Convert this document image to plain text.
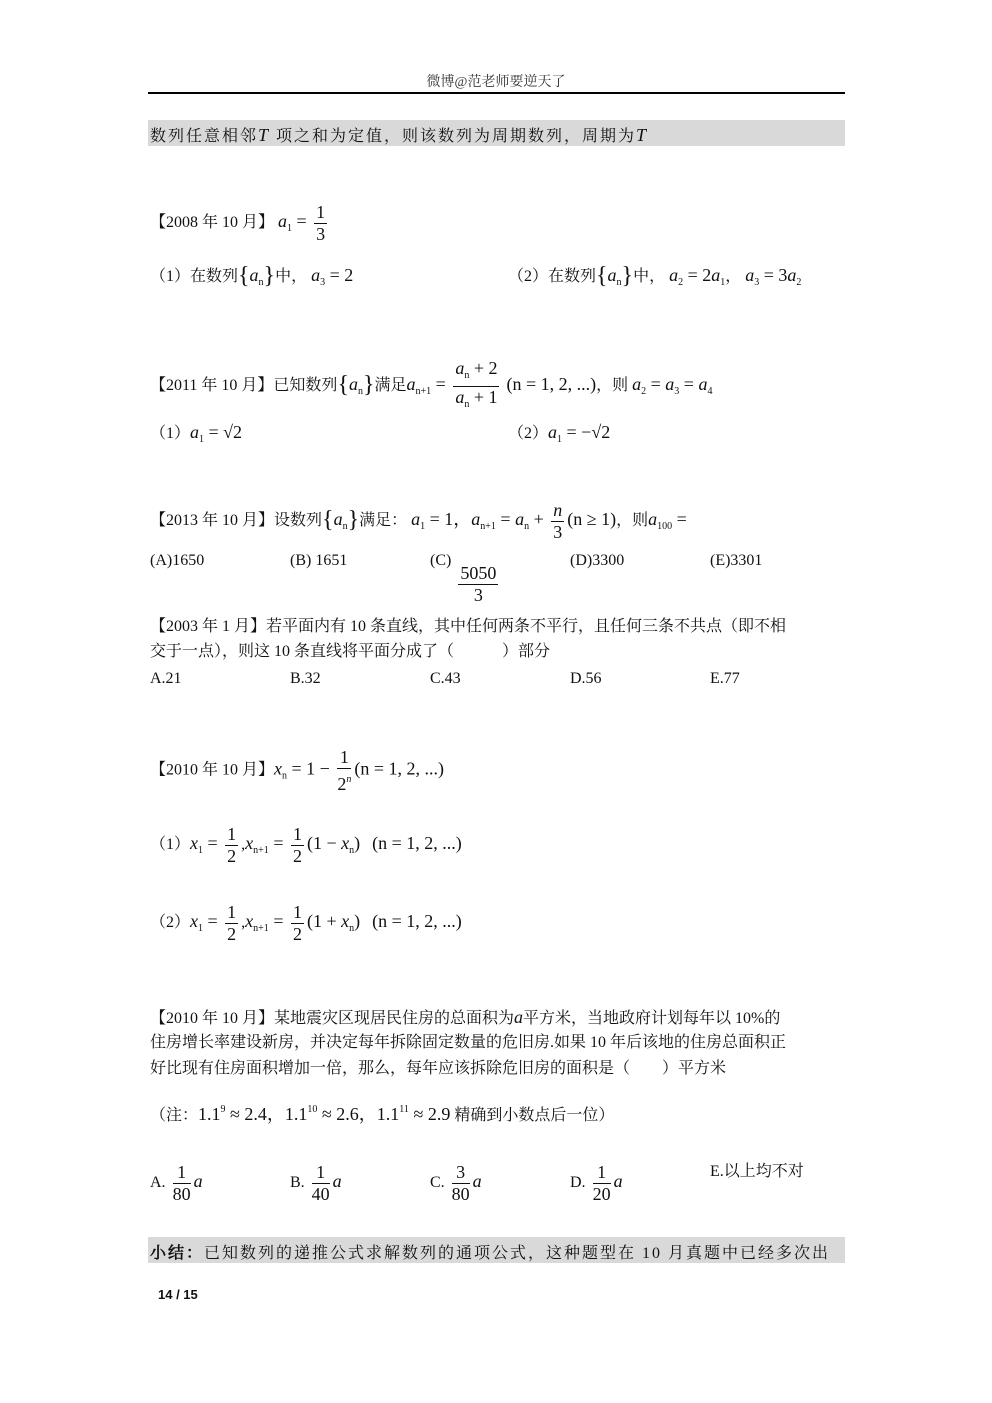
微博@范老师要逆天了
数列任意相邻T 项之和为定值，则该数列为周期数列，周期为T
【2008 年 10 月】 $a_1 = \frac{1}{3}$
（1）在数列$\{a_n\}$中， $a_3 = 2$	（2）在数列$\{a_n\}$中， $a_2 = 2a_1$， $a_3 = 3a_2$
【2011 年 10 月】已知数列$\{a_n\}$满足$a_{n+1} = \frac{a_n + 2}{a_n + 1} (n = 1$, 2, ...)，则 $a_2 = a_3 = a_4$
$(1)a_1 = √2$	$(2)a_1 = -√2$
【2013 年 10 月】设数列$\{a_n\}$满足： $a_1 = 1$，$a_{n+1} = a_n + \frac{n}{3} (n \ge 1)$，则$a_{100}$ =
(A)1650	(B) 1651	(C)
$\frac{5050}{3}$
(D)3300	(E)3301
【2003 年 1 月】若平面内有 10 条直线，其中任何两条不平行，且任何三条不共点（即不相
交于一点），则这 10 条直线将平面分成了（　　　）部分
A.21	B.32	C.43	D.56	E.77
【2010 年 10 月】$x_n = 1 - \frac{1}{2^n} (n = 1$, 2, ...)
$(1)x_1 = \frac{1}{2} ,x_{n+1} = \frac{1}{2} (1 - x_n) (n = 1$, 2, ...)
$(2)x_1 = \frac{1}{2} ,x_{n+1} = \frac{1}{2} (1 + x_n) (n = 1$, 2, ...)
【2010 年 10 月】某地震灾区现居民住房的总面积为a平方米，当地政府计划每年以 10%的
住房增长率建设新房，并决定每年拆除固定数量的危旧房.如果 10 年后该地的住房总面积正
好比现有住房面积增加一倍，那么，每年应该拆除危旧房的面积是（　　）平方米
（注：$1.1^9 \approx 2.4$，$1.1^{10} \approx 2.6$，$1.1^{11} \approx 2.9$ 精确到小数点后一位）
A. $\frac{1}{80}$ a	B. $\frac{1}{40}$ a	C. $\frac{3}{80}$ a	D. $\frac{1}{20}$ a	E.以上均不对
小结：已知数列的递推公式求解数列的通项公式，这种题型在 10 月真题中已经多次出
14 / 15
